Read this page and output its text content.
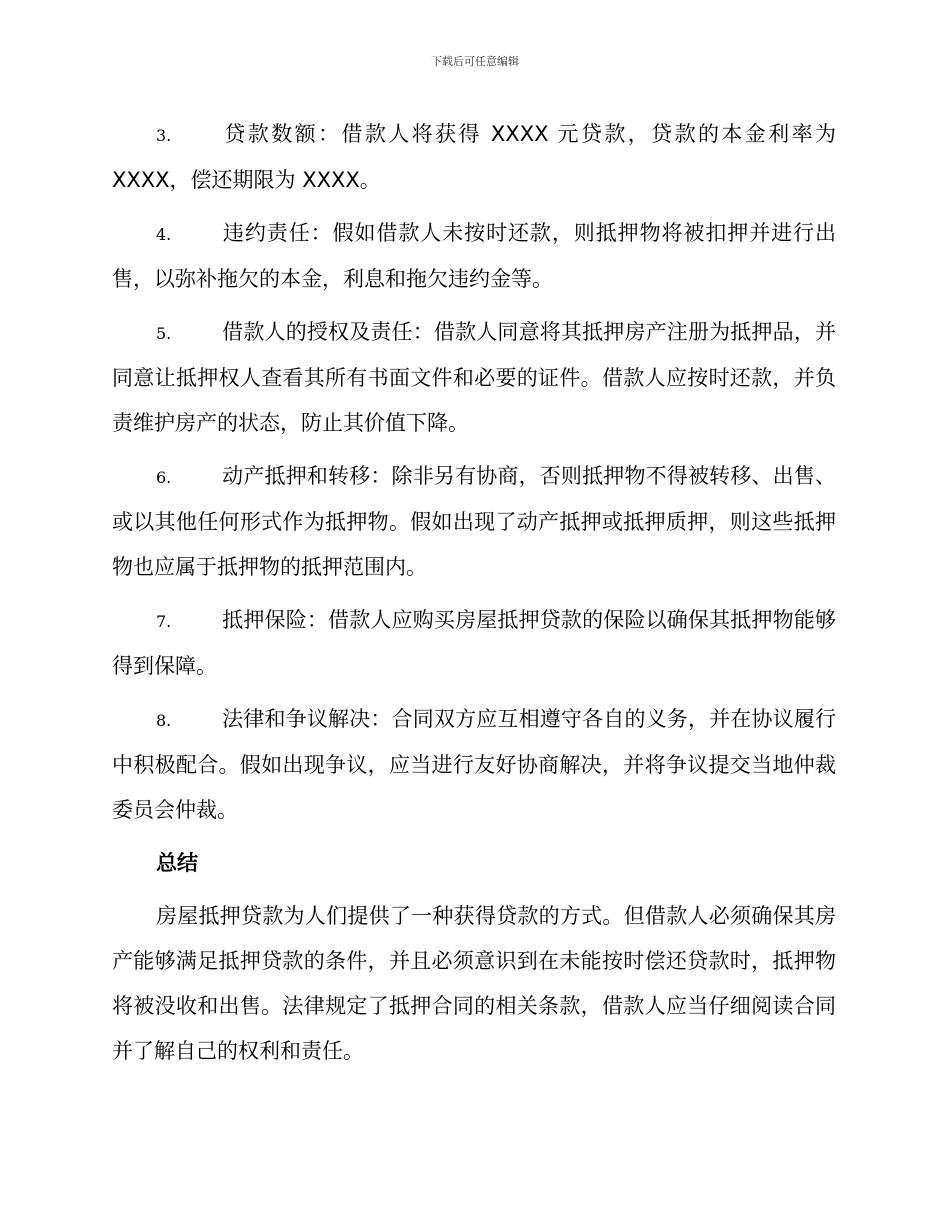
下载后可任意编辑
3. 贷款数额：借款人将获得 XXXX 元贷款，贷款的本金利率为 XXXX，偿还期限为 XXXX。
4. 违约责任：假如借款人未按时还款，则抵押物将被扣押并进行出售，以弥补拖欠的本金，利息和拖欠违约金等。
5. 借款人的授权及责任：借款人同意将其抵押房产注册为抵押品，并同意让抵押权人查看其所有书面文件和必要的证件。借款人应按时还款，并负责维护房产的状态，防止其价值下降。
6. 动产抵押和转移：除非另有协商，否则抵押物不得被转移、出售、或以其他任何形式作为抵押物。假如出现了动产抵押或抵押质押，则这些抵押物也应属于抵押物的抵押范围内。
7. 抵押保险：借款人应购买房屋抵押贷款的保险以确保其抵押物能够得到保障。
8. 法律和争议解决：合同双方应互相遵守各自的义务，并在协议履行中积极配合。假如出现争议，应当进行友好协商解决，并将争议提交当地仲裁委员会仲裁。
总结
房屋抵押贷款为人们提供了一种获得贷款的方式。但借款人必须确保其房产能够满足抵押贷款的条件，并且必须意识到在未能按时偿还贷款时，抵押物将被没收和出售。法律规定了抵押合同的相关条款，借款人应当仔细阅读合同并了解自己的权利和责任。
